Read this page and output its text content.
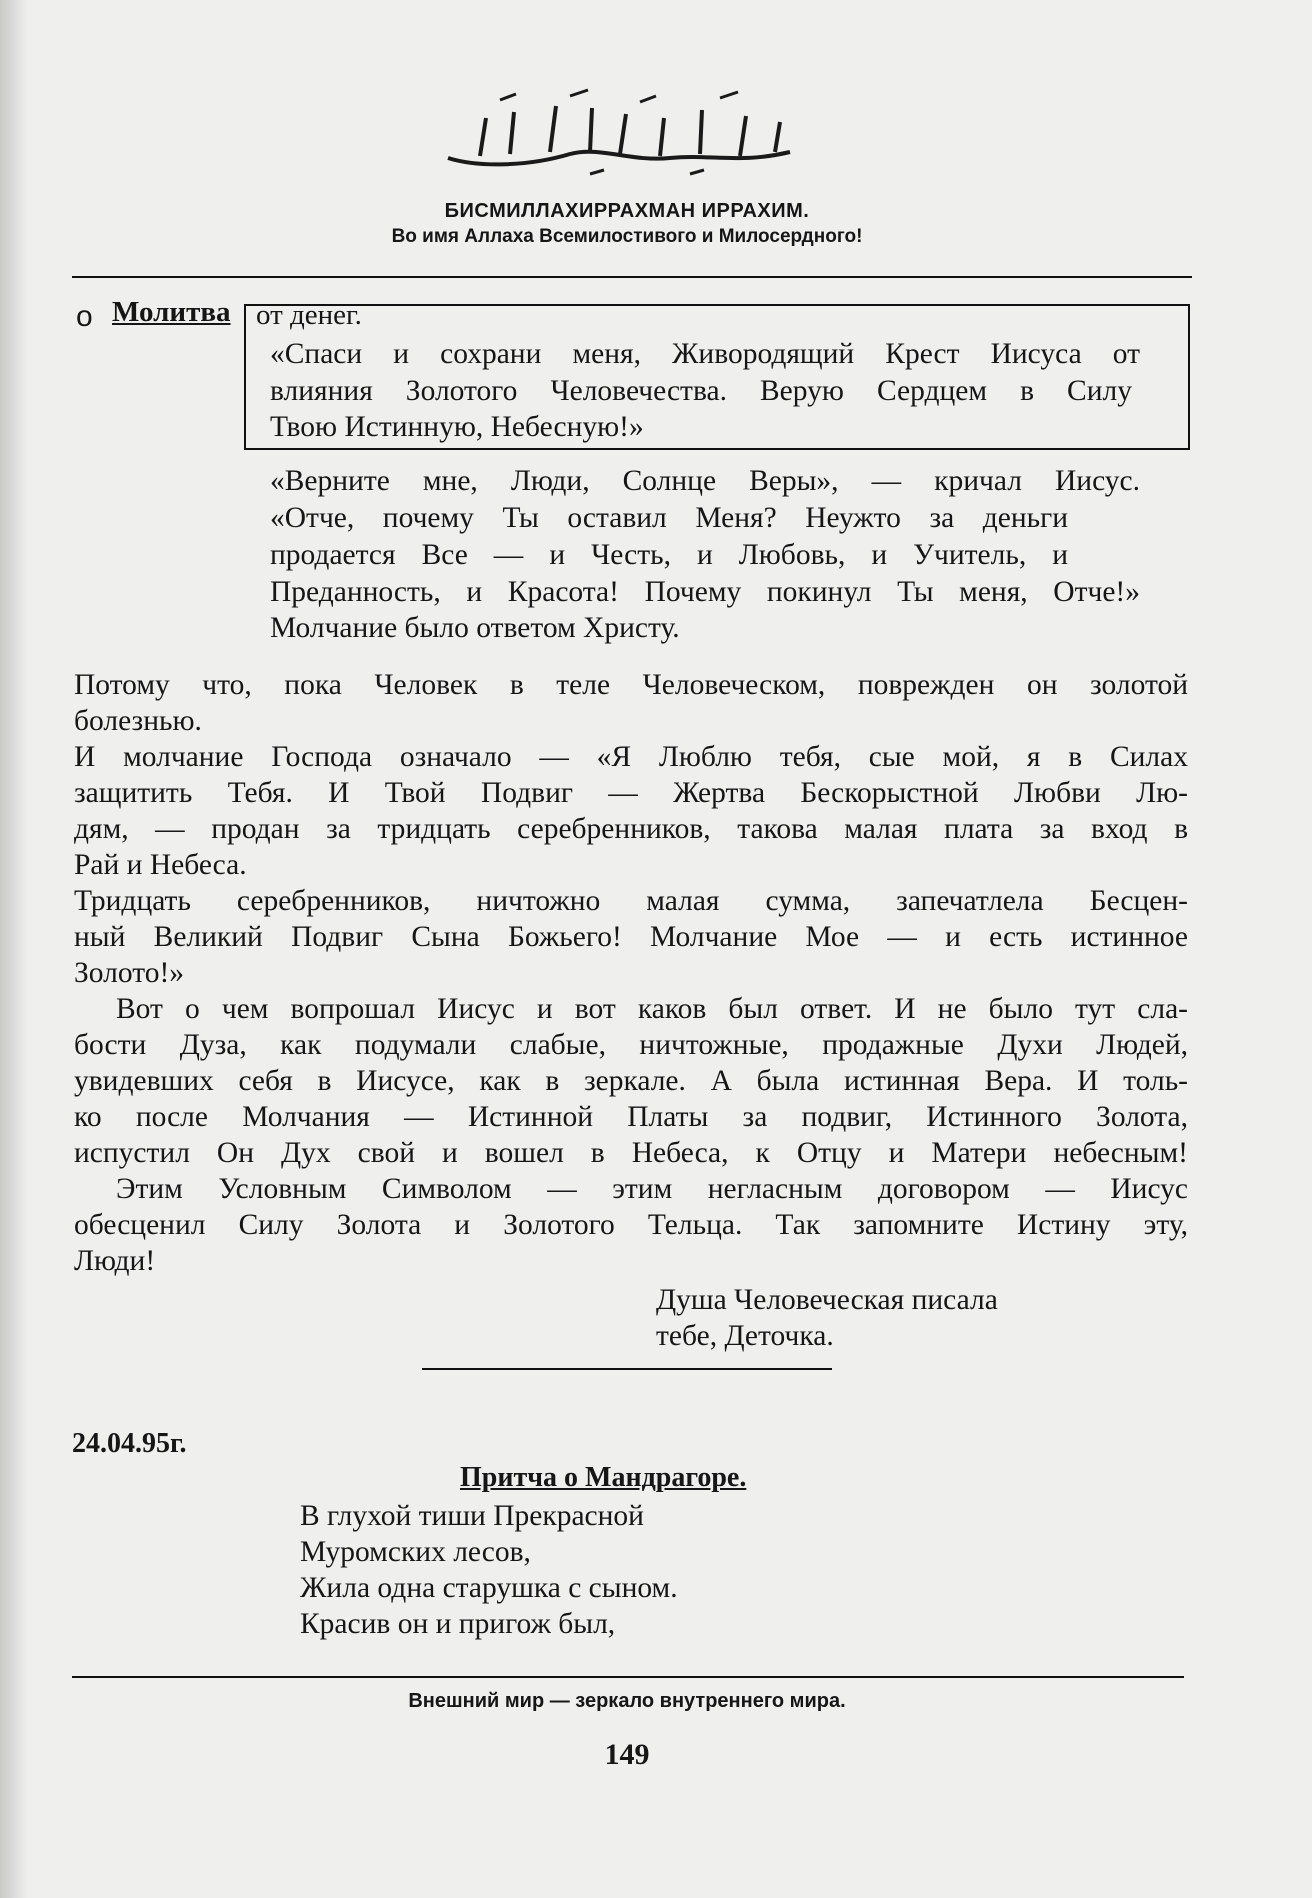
БИСМИЛЛАХИРРАХМАН ИРРАХИМ.
Во имя Аллаха Всемилостивого и Милосердного!
o Молитва от денег.
«Спаси и сохрани меня, Живородящий Крест Иисуса от
влияния Золотого Человечества. Верую Сердцем в Силу
Твою Истинную, Небесную!»
«Верните мне, Люди, Солнце Веры», — кричал Иисус.
«Отче, почему Ты оставил Меня? Неужто за деньги
продается Все — и Честь, и Любовь, и Учитель, и
Преданность, и Красота! Почему покинул Ты меня, Отче!»
Молчание было ответом Христу.
Потому что, пока Человек в теле Человеческом, поврежден он золотой
болезнью.
И молчание Господа означало — «Я Люблю тебя, сые мой, я в Силах
защитить Тебя. И Твой Подвиг — Жертва Бескорыстной Любви Лю-
дям, — продан за тридцать серебренников, такова малая плата за вход в
Рай и Небеса.
Тридцать серебренников, ничтожно малая сумма, запечатлела Бесцен-
ный Великий Подвиг Сына Божьего! Молчание Мое — и есть истинное
Золото!»
Вот о чем вопрошал Иисус и вот каков был ответ. И не было тут сла-
бости Дуза, как подумали слабые, ничтожные, продажные Духи Людей,
увидевших себя в Иисусе, как в зеркале. А была истинная Вера. И толь-
ко после Молчания — Истинной Платы за подвиг, Истинного Золота,
испустил Он Дух свой и вошел в Небеса, к Отцу и Матери небесным!
Этим Условным Символом — этим негласным договором — Иисус
обесценил Силу Золота и Золотого Тельца. Так запомните Истину эту,
Люди!
Душа Человеческая писала
тебе, Деточка.
24.04.95г.
Притча о Мандрагоре.
В глухой тиши Прекрасной
Муромских лесов,
Жила одна старушка с сыном.
Красив он и пригож был,
Внешний мир — зеркало внутреннего мира.
149
